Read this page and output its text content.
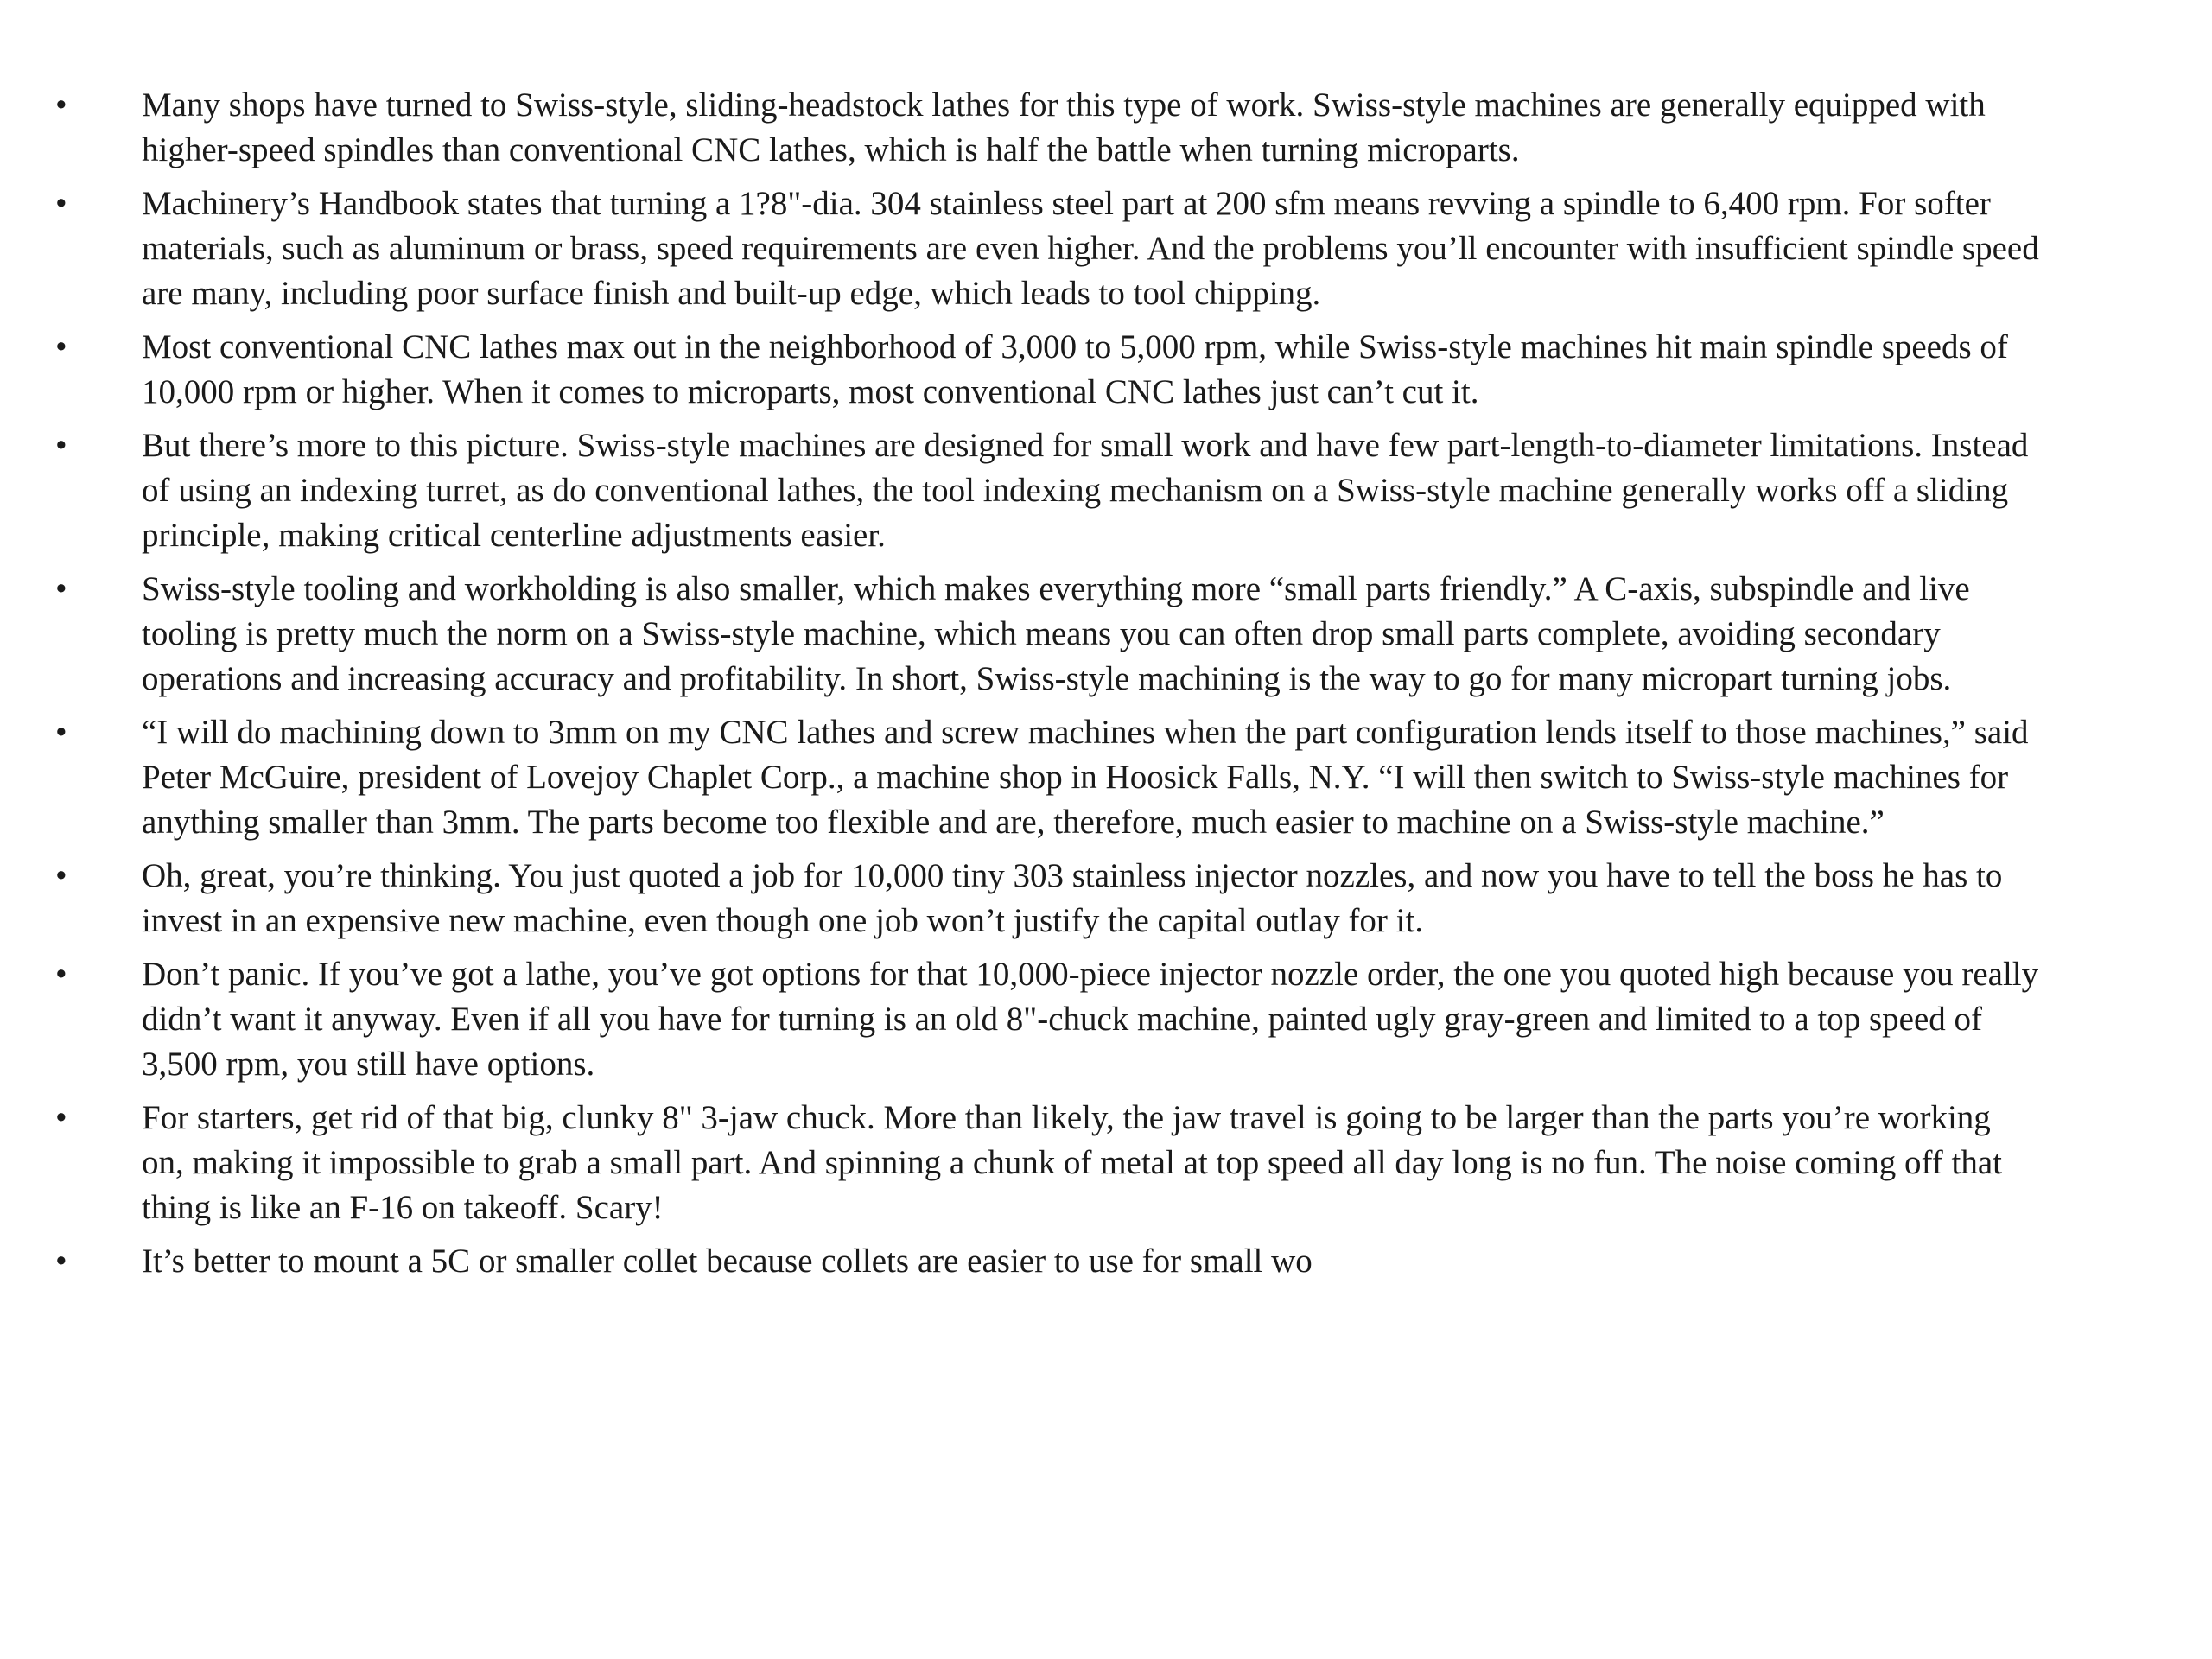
•	Many shops have turned to Swiss-style, sliding-headstock lathes for this type of work. Swiss-style machines are generally equipped with higher-speed spindles than conventional CNC lathes, which is half the battle when turning microparts.
•	Machinery’s Handbook states that turning a 1?8"-dia. 304 stainless steel part at 200 sfm means revving a spindle to 6,400 rpm. For softer materials, such as aluminum or brass, speed requirements are even higher. And the problems you’ll encounter with insufficient spindle speed are many, including poor surface finish and built-up edge, which leads to tool chipping.
•	Most conventional CNC lathes max out in the neighborhood of 3,000 to 5,000 rpm, while Swiss-style machines hit main spindle speeds of 10,000 rpm or higher. When it comes to microparts, most conventional CNC lathes just can’t cut it.
•	But there’s more to this picture. Swiss-style machines are designed for small work and have few part-length-to-diameter limitations. Instead of using an indexing turret, as do conventional lathes, the tool indexing mechanism on a Swiss-style machine generally works off a sliding principle, making critical centerline adjustments easier.
•	Swiss-style tooling and workholding is also smaller, which makes everything more “small parts friendly.” A C-axis, subspindle and live tooling is pretty much the norm on a Swiss-style machine, which means you can often drop small parts complete, avoiding secondary operations and increasing accuracy and profitability. In short, Swiss-style machining is the way to go for many micropart turning jobs.
•	“I will do machining down to 3mm on my CNC lathes and screw machines when the part configuration lends itself to those machines,” said Peter McGuire, president of Lovejoy Chaplet Corp., a machine shop in Hoosick Falls, N.Y. “I will then switch to Swiss-style machines for anything smaller than 3mm. The parts become too flexible and are, therefore, much easier to machine on a Swiss-style machine.”
•	Oh, great, you’re thinking. You just quoted a job for 10,000 tiny 303 stainless injector nozzles, and now you have to tell the boss he has to invest in an expensive new machine, even though one job won’t justify the capital outlay for it.
•	Don’t panic. If you’ve got a lathe, you’ve got options for that 10,000-piece injector nozzle order, the one you quoted high because you really didn’t want it anyway. Even if all you have for turning is an old 8"-chuck machine, painted ugly gray-green and limited to a top speed of 3,500 rpm, you still have options.
•	For starters, get rid of that big, clunky 8" 3-jaw chuck. More than likely, the jaw travel is going to be larger than the parts you’re working on, making it impossible to grab a small part. And spinning a chunk of metal at top speed all day long is no fun. The noise coming off that thing is like an F-16 on takeoff. Scary!
•	It’s better to mount a 5C or smaller collet because collets are easier to use for small wo
